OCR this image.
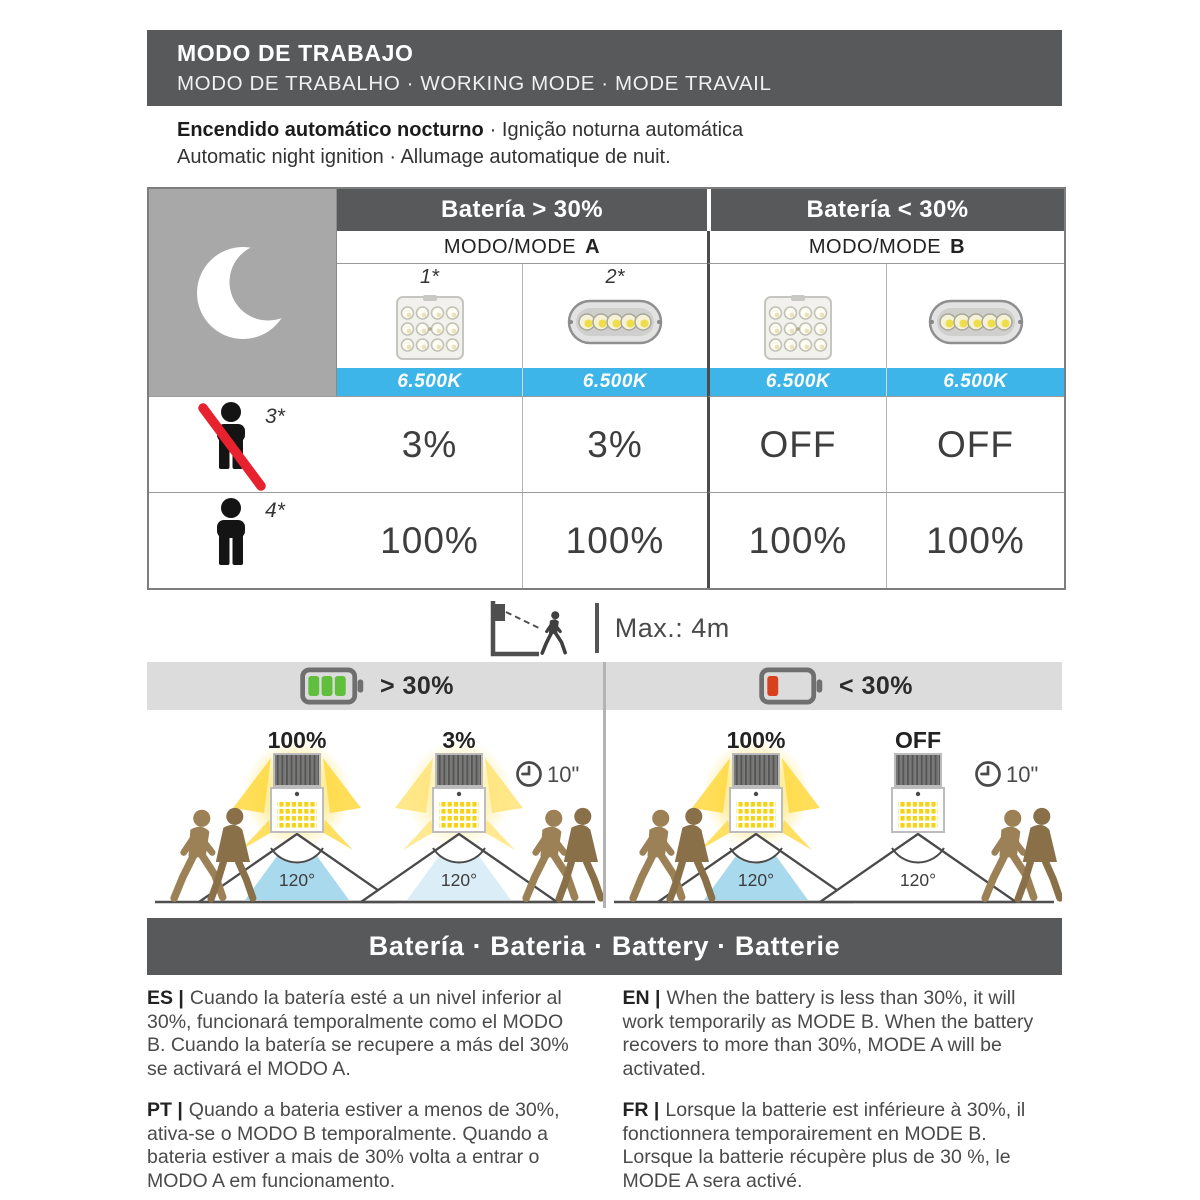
MODO DE TRABAJO
MODO DE TRABALHO · WORKING MODE · MODE TRAVAIL
Encendido automático nocturno · Ignição noturna automática
Automatic night ignition · Allumage automatique de nuit.
Batería > 30%	Batería < 30%
MODO/MODE A	MODO/MODE B
1*	2*
6.500K	6.500K	6.500K	6.500K
3*
3%	3%	OFF	OFF
4*
100%	100%	100%	100%
Max.: 4m
> 30%
100%
120°
3%
120°
10"
< 30%
100%
120°
OFF
120°
10"
Batería · Bateria · Battery · Batterie
ES | Cuando la batería esté a un nivel inferior al 30%, funcionará temporalmente como el MODO B. Cuando la batería se recupere a más del 30% se activará el MODO A.
EN | When the battery is less than 30%, it will work temporarily as MODE B. When the battery recovers to more than 30%, MODE A will be activated.
PT | Quando a bateria estiver a menos de 30%, ativa-se o MODO B temporalmente. Quando a bateria estiver a mais de 30% volta a entrar o MODO A em funcionamento.
FR | Lorsque la batterie est inférieure à 30%, il fonctionnera temporairement en MODE B. Lorsque la batterie récupère plus de 30 %, le MODE A sera activé.
